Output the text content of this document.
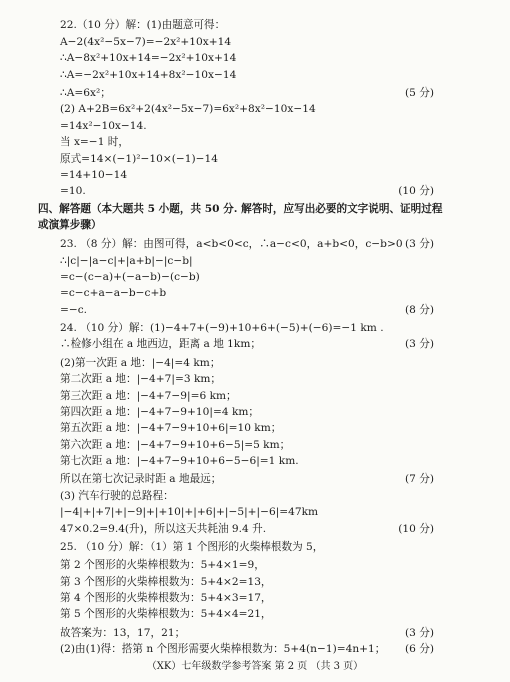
22.（10 分）解：(1)由题意可得：
A−2(4x²−5x−7)=−2x²+10x+14
∴A−8x²+10x+14=−2x²+10x+14
∴A=−2x²+10x+14+8x²−10x−14
∴A=6x²；	(5 分)
(2) A+2B=6x²+2(4x²−5x−7)=6x²+8x²−10x−14
=14x²−10x−14.
当 x=−1 时，
原式=14×(−1)²−10×(−1)−14
=14+10−14
=10.	(10 分)
四、解答题（本大题共 5 小题，共 50 分. 解答时，应写出必要的文字说明、证明过程
或演算步骤）
23. （8 分）解：由图可得，a<b<0<c，∴a−c<0，a+b<0，c−b>0 (3 分)
∴|c|−|a−c|+|a+b|−|c−b|
=c−(c−a)+(−a−b)−(c−b)
=c−c+a−a−b−c+b
=−c.	(8 分)
24. （10 分）解：(1)−4+7+(−9)+10+6+(−5)+(−6)=−1 km .
∴检修小组在 a 地西边，距离 a 地 1km；	(3 分)
(2)第一次距 a 地：|−4|=4 km；
第二次距 a 地：|−4+7|=3 km；
第三次距 a 地：|−4+7−9|=6 km；
第四次距 a 地：|−4+7−9+10|=4 km；
第五次距 a 地：|−4+7−9+10+6|=10 km；
第六次距 a 地：|−4+7−9+10+6−5|=5 km；
第七次距 a 地：|−4+7−9+10+6−5−6|=1 km.
所以在第七次记录时距 a 地最远；	(7 分)
(3) 汽车行驶的总路程：
|−4|+|+7|+|−9|+|+10|+|+6|+|−5|+|−6|=47km
47×0.2=9.4(升)，所以这天共耗油 9.4 升.	(10 分)
25. （10 分）解：（1）第 1 个图形的火柴棒根数为 5，
第 2 个图形的火柴棒根数为：5+4×1=9，
第 3 个图形的火柴棒根数为：5+4×2=13，
第 4 个图形的火柴棒根数为：5+4×3=17，
第 5 个图形的火柴棒根数为：5+4×4=21，
故答案为：13，17，21；	(3 分)
(2)由(1)得：搭第 n 个图形需要火柴棒根数为：5+4(n−1)=4n+1； (6 分)
（XK）七年级数学参考答案 第 2 页 （共 3 页）
